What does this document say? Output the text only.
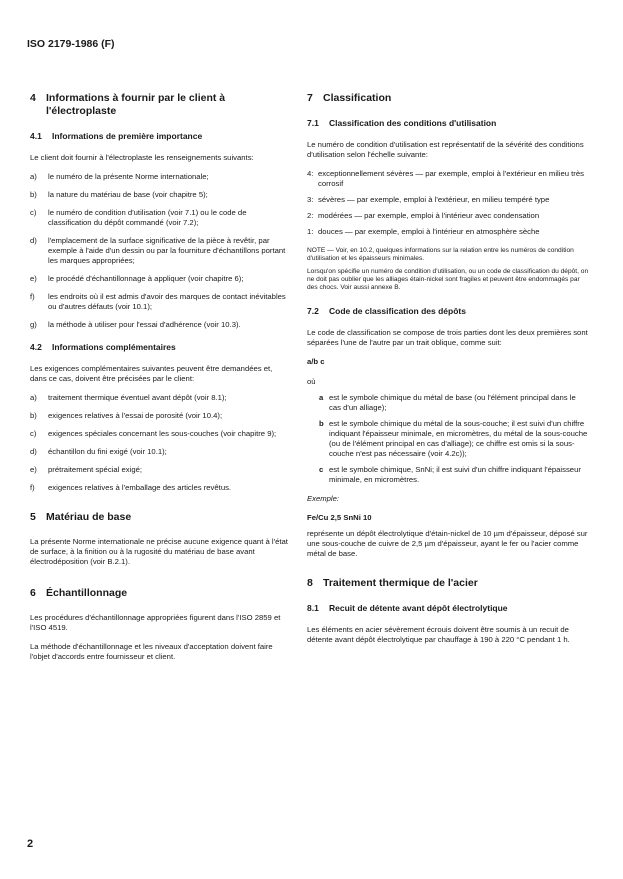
ISO 2179-1986 (F)
4 Informations à fournir par le client à l'électroplaste
4.1	Informations de première importance

Le client doit fournir à l'électroplaste les renseignements suivants:

a)	le numéro de la présente Norme internationale;
b)	la nature du matériau de base (voir chapitre 5);
c)	le numéro de condition d'utilisation (voir 7.1) ou le code de classification du dépôt commandé (voir 7.2);
d)	l'emplacement de la surface significative de la pièce à revêtir, par exemple à l'aide d'un dessin ou par la fourniture d'échantillons portant les marques appropriées;
e)	le procédé d'échantillonnage à appliquer (voir chapitre 6);
f)	les endroits où il est admis d'avoir des marques de contact inévitables ou d'autres défauts (voir 10.1);
g)	la méthode à utiliser pour l'essai d'adhérence (voir 10.3).
4.2	Informations complémentaires

Les exigences complémentaires suivantes peuvent être demandées et, dans ce cas, doivent être précisées par le client:

a)	traitement thermique éventuel avant dépôt (voir 8.1);
b)	exigences relatives à l'essai de porosité (voir 10.4);
c)	exigences spéciales concernant les sous-couches (voir chapitre 9);
d)	échantillon du fini exigé (voir 10.1);
e)	prétraitement spécial exigé;
f)	exigences relatives à l'emballage des articles revêtus.
5 Matériau de base

La présente Norme internationale ne précise aucune exigence quant à l'état de surface, à la finition ou à la rugosité du matériau de base avant électrodéposition (voir B.2.1).

6 Échantillonnage

Les procédures d'échantillonnage appropriées figurent dans l'ISO 2859 et l'ISO 4519.

La méthode d'échantillonnage et les niveaux d'acceptation doivent faire l'objet d'accords entre fournisseur et client.

7 Classification
7.1	Classification des conditions d'utilisation

Le numéro de condition d'utilisation est représentatif de la sévérité des conditions d'utilisation selon l'échelle suivante:

4: exceptionnellement sévères — par exemple, emploi à l'extérieur en milieu très corrosif
3: sévères — par exemple, emploi à l'extérieur, en milieu tempéré type
2: modérées — par exemple, emploi à l'intérieur avec condensation
1: douces — par exemple, emploi à l'intérieur en atmosphère sèche

NOTE — Voir, en 10.2, quelques informations sur la relation entre les numéros de condition d'utilisation et les épaisseurs minimales.

Lorsqu'on spécifie un numéro de condition d'utilisation, ou un code de classification du dépôt, on ne doit pas oublier que les alliages étain-nickel sont fragiles et peuvent être endommagés par des chocs. Voir aussi annexe B.

7.2	Code de classification des dépôts

Le code de classification se compose de trois parties dont les deux premières sont séparées l'une de l'autre par un trait oblique, comme suit:

a/b c

où

a est le symbole chimique du métal de base (ou l'élément principal dans le cas d'un alliage);
b est le symbole chimique du métal de la sous-couche; il est suivi d'un chiffre indiquant l'épaisseur minimale, en micromètres, du métal de la sous-couche (ou de l'élément principal en cas d'alliage); ce chiffre est omis si la sous-couche n'est pas nécessaire (voir 4.2c));
c est le symbole chimique, SnNi; il est suivi d'un chiffre indiquant l'épaisseur minimale, en micromètres.

Exemple:

Fe/Cu 2,5 SnNi 10

représente un dépôt électrolytique d'étain-nickel de 10 µm d'épaisseur, déposé sur une sous-couche de cuivre de 2,5 µm d'épaisseur, ayant le fer ou l'acier comme métal de base.

8 Traitement thermique de l'acier
8.1	Recuit de détente avant dépôt électrolytique

Les éléments en acier sévèrement écrouis doivent être soumis à un recuit de détente avant dépôt électrolytique par chauffage à 190 à 220 °C pendant 1 h.

2
